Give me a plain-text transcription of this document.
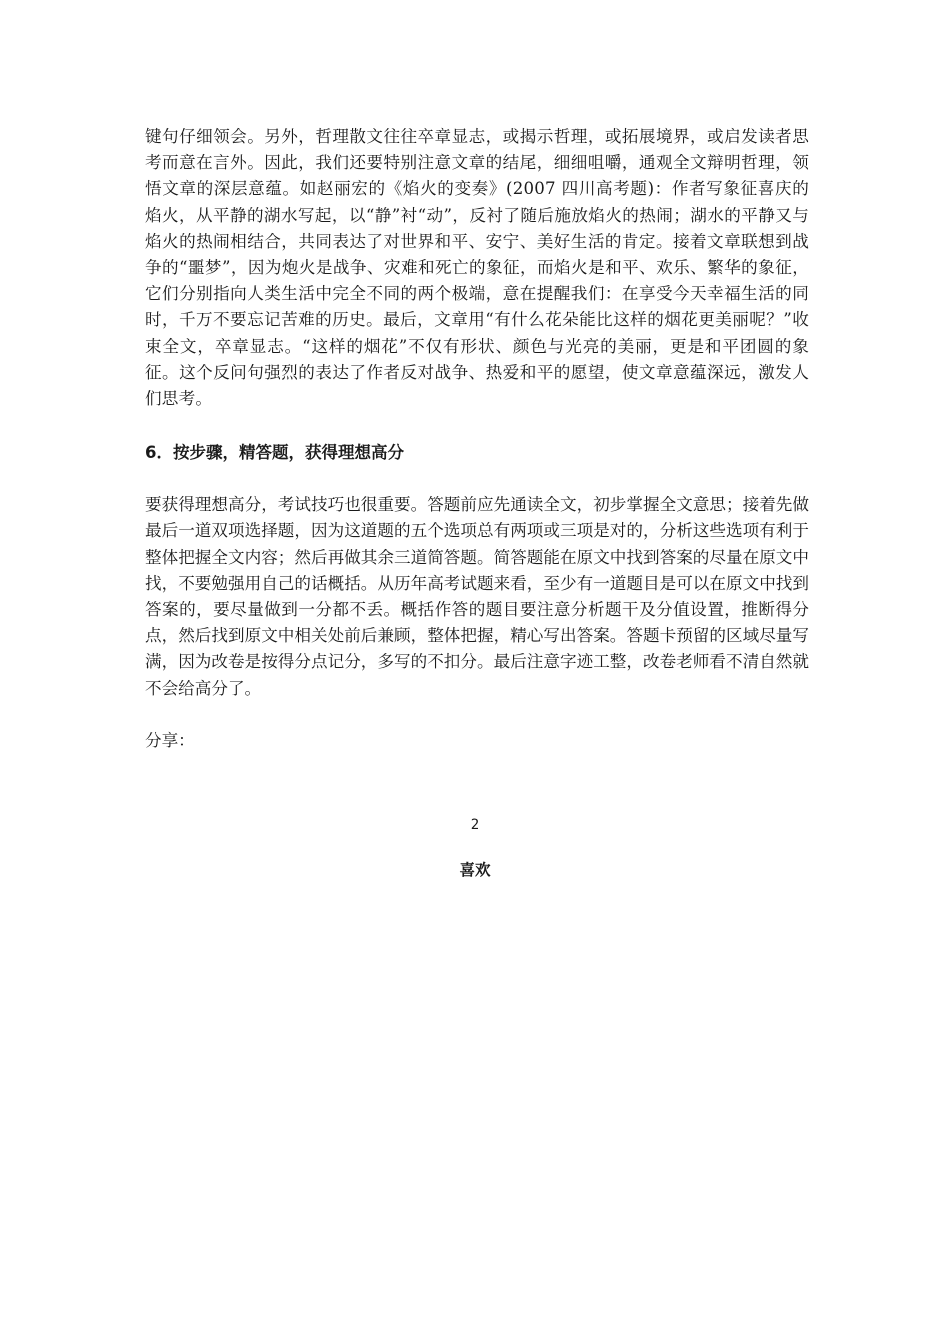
键句仔细领会。另外，哲理散文往往卒章显志，或揭示哲理，或拓展境界，或启发读者思考而意在言外。因此，我们还要特别注意文章的结尾，细细咀嚼，通观全文辩明哲理，领悟文章的深层意蕴。如赵丽宏的《焰火的变奏》(2007 四川高考题)：作者写象征喜庆的焰火，从平静的湖水写起，以“静”衬“动”，反衬了随后施放焰火的热闹；湖水的平静又与焰火的热闹相结合，共同表达了对世界和平、安宁、美好生活的肯定。接着文章联想到战争的“噩梦”，因为炮火是战争、灾难和死亡的象征，而焰火是和平、欢乐、繁华的象征，它们分别指向人类生活中完全不同的两个极端，意在提醒我们：在享受今天幸福生活的同时，千万不要忘记苦难的历史。最后，文章用“有什么花朵能比这样的烟花更美丽呢？”收束全文，卒章显志。“这样的烟花”不仅有形状、颜色与光亮的美丽，更是和平团圆的象征。这个反问句强烈的表达了作者反对战争、热爱和平的愿望，使文章意蕴深远，激发人们思考。

6．按步骤，精答题，获得理想高分

要获得理想高分，考试技巧也很重要。答题前应先通读全文，初步掌握全文意思；接着先做最后一道双项选择题，因为这道题的五个选项总有两项或三项是对的，分析这些选项有利于整体把握全文内容；然后再做其余三道简答题。简答题能在原文中找到答案的尽量在原文中找，不要勉强用自己的话概括。从历年高考试题来看，至少有一道题目是可以在原文中找到答案的，要尽量做到一分都不丢。概括作答的题目要注意分析题干及分值设置，推断得分点，然后找到原文中相关处前后兼顾，整体把握，精心写出答案。答题卡预留的区域尽量写满，因为改卷是按得分点记分，多写的不扣分。最后注意字迹工整，改卷老师看不清自然就不会给高分了。

分享：

2
喜欢
